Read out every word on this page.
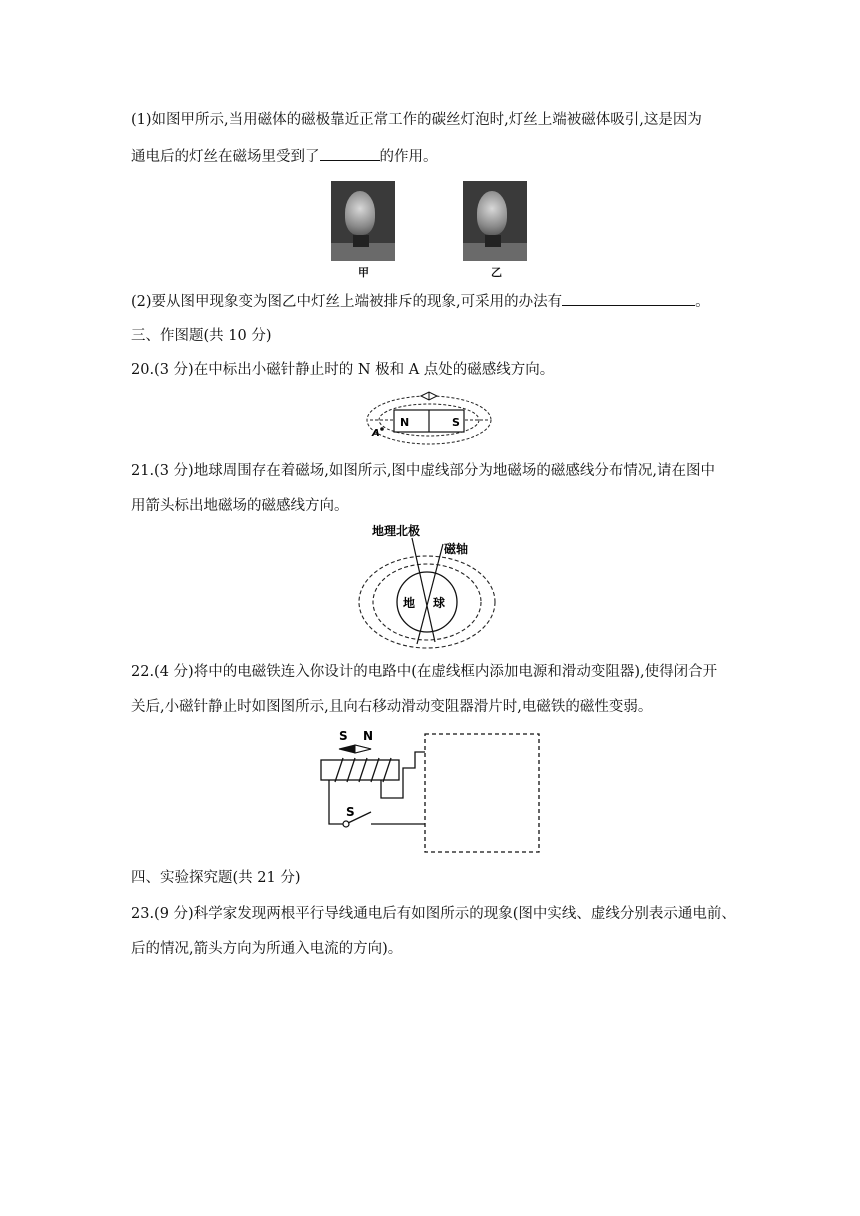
(1)如图甲所示,当用磁体的磁极靠近正常工作的碳丝灯泡时,灯丝上端被磁体吸引,这是因为
通电后的灯丝在磁场里受到了	的作用。
甲	乙
(2)要从图甲现象变为图乙中灯丝上端被排斥的现象,可采用的办法有	。
三、作图题(共 10 分)
20.(3 分)在中标出小磁针静止时的 N 极和 A 点处的磁感线方向。
N	S
A
21.(3 分)地球周围存在着磁场,如图所示,图中虚线部分为地磁场的磁感线分布情况,请在图中
用箭头标出地磁场的磁感线方向。
地理北极
磁轴
地 球
22.(4 分)将中的电磁铁连入你设计的电路中(在虚线框内添加电源和滑动变阻器),使得闭合开
关后,小磁针静止时如图图所示,且向右移动滑动变阻器滑片时,电磁铁的磁性变弱。
S N
S
四、实验探究题(共 21 分)
23.(9 分)科学家发现两根平行导线通电后有如图所示的现象(图中实线、虚线分别表示通电前、
后的情况,箭头方向为所通入电流的方向)。
